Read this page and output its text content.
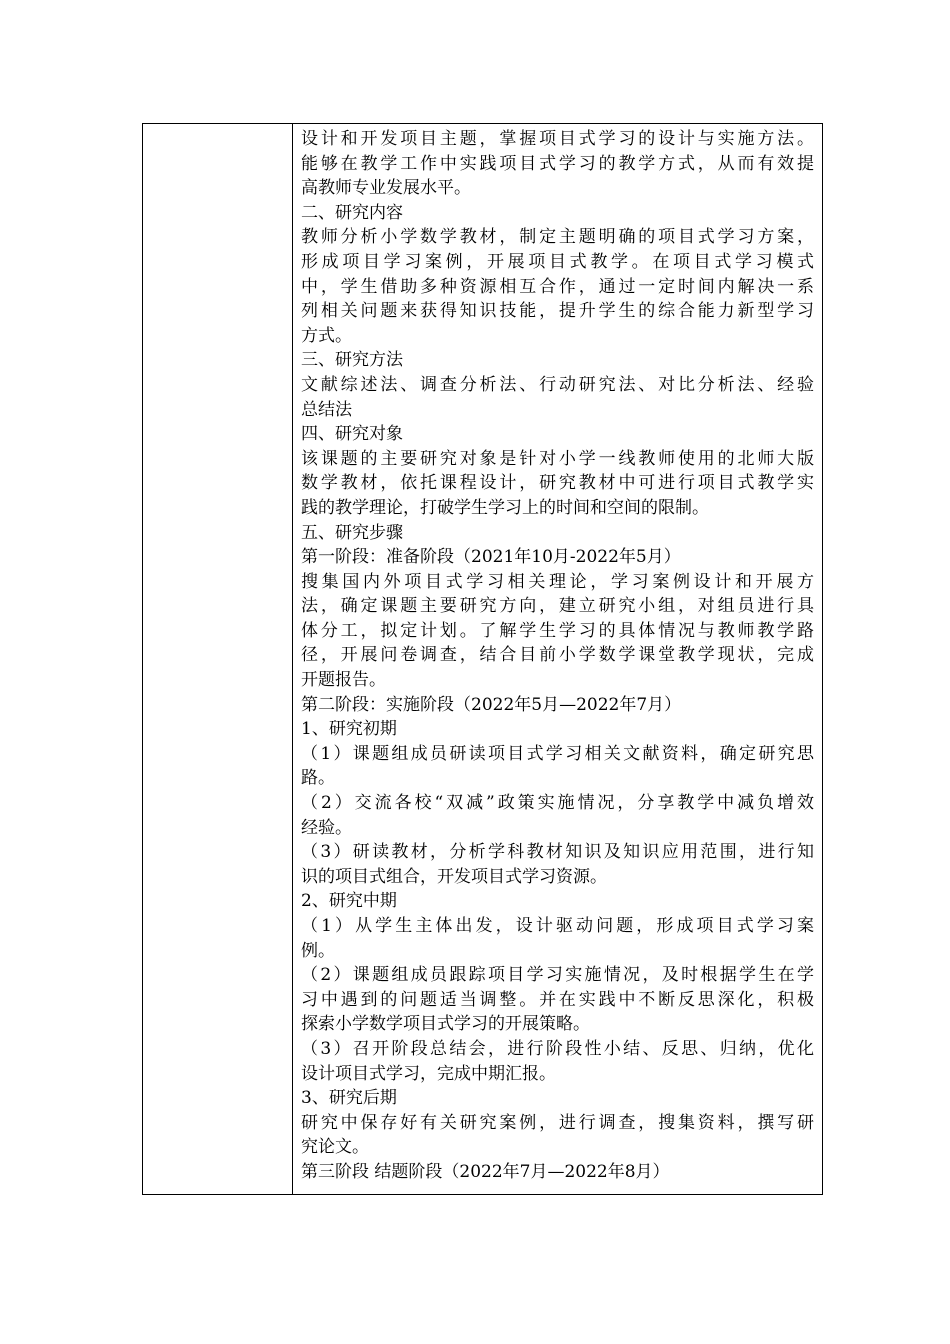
设计和开发项目主题，掌握项目式学习的设计与实施方法。
能够在教学工作中实践项目式学习的教学方式，从而有效提
高教师专业发展水平。
二、研究内容
教师分析小学数学教材，制定主题明确的项目式学习方案，
形成项目学习案例，开展项目式教学。在项目式学习模式
中，学生借助多种资源相互合作，通过一定时间内解决一系
列相关问题来获得知识技能，提升学生的综合能力新型学习
方式。
三、研究方法
文献综述法、调查分析法、行动研究法、对比分析法、经验
总结法
四、研究对象
该课题的主要研究对象是针对小学一线教师使用的北师大版
数学教材，依托课程设计，研究教材中可进行项目式教学实
践的教学理论，打破学生学习上的时间和空间的限制。
五、研究步骤
第一阶段：准备阶段（2021年10月-2022年5月）
搜集国内外项目式学习相关理论，学习案例设计和开展方
法，确定课题主要研究方向，建立研究小组，对组员进行具
体分工，拟定计划。了解学生学习的具体情况与教师教学路
径，开展问卷调查，结合目前小学数学课堂教学现状，完成
开题报告。
第二阶段：实施阶段（2022年5月—2022年7月）
1、研究初期
（1）课题组成员研读项目式学习相关文献资料，确定研究思
路。
（2）交流各校“双减”政策实施情况，分享教学中减负增效
经验。
（3）研读教材，分析学科教材知识及知识应用范围，进行知
识的项目式组合，开发项目式学习资源。
2、研究中期
（1）从学生主体出发，设计驱动问题，形成项目式学习案
例。
（2）课题组成员跟踪项目学习实施情况，及时根据学生在学
习中遇到的问题适当调整。并在实践中不断反思深化，积极
探索小学数学项目式学习的开展策略。
（3）召开阶段总结会，进行阶段性小结、反思、归纳，优化
设计项目式学习，完成中期汇报。
3、研究后期
研究中保存好有关研究案例，进行调查，搜集资料，撰写研
究论文。
第三阶段 结题阶段（2022年7月—2022年8月）
